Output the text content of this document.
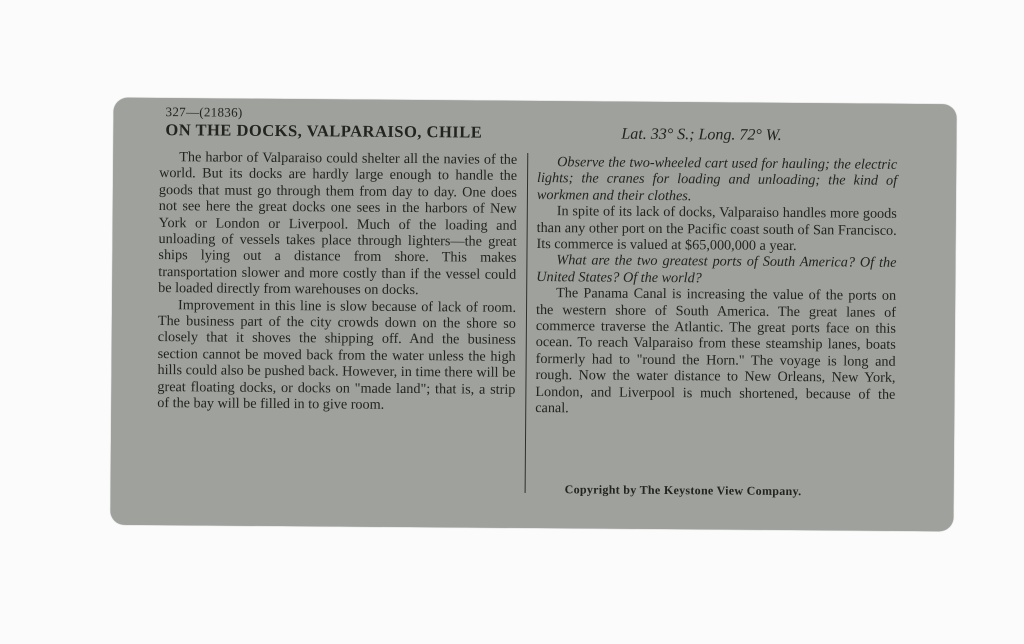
327—(21836)
ON THE DOCKS, VALPARAISO, CHILE	Lat. 33° S.; Long. 72° W.

The harbor of Valparaiso could shelter all the navies of the world. But its docks are hardly large enough to handle the goods that must go through them from day to day. One does not see here the great docks one sees in the harbors of New York or London or Liverpool. Much of the loading and unloading of vessels takes place through lighters—the great ships lying out a distance from shore. This makes transportation slower and more costly than if the vessel could be loaded directly from warehouses on docks.

Improvement in this line is slow because of lack of room. The business part of the city crowds down on the shore so closely that it shoves the shipping off. And the business section cannot be moved back from the water unless the high hills could also be pushed back. However, in time there will be great floating docks, or docks on "made land"; that is, a strip of the bay will be filled in to give room.

Observe the two-wheeled cart used for hauling; the electric lights; the cranes for loading and unloading; the kind of workmen and their clothes.

In spite of its lack of docks, Valparaiso handles more goods than any other port on the Pacific coast south of San Francisco. Its commerce is valued at $65,000,000 a year.

What are the two greatest ports of South America? Of the United States? Of the world?

The Panama Canal is increasing the value of the ports on the western shore of South America. The great lanes of commerce traverse the Atlantic. The great ports face on this ocean. To reach Valparaiso from these steamship lanes, boats formerly had to "round the Horn." The voyage is long and rough. Now the water distance to New Orleans, New York, London, and Liverpool is much shortened, because of the canal.

Copyright by The Keystone View Company.
